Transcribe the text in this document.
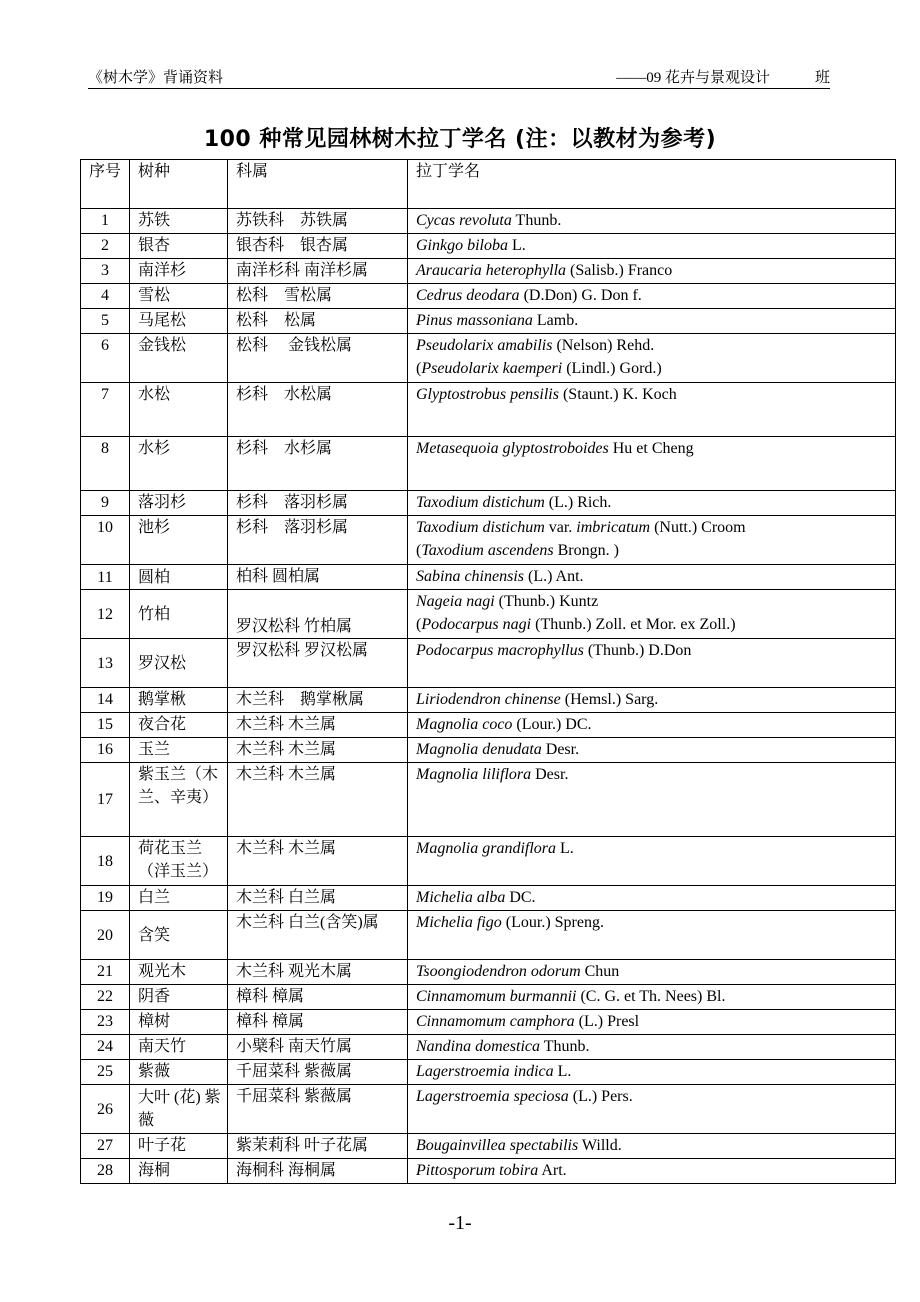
《树木学》背诵资料	——09 花卉与景观设计　　　班
100 种常见园林树木拉丁学名 (注：以教材为参考)
序号	树种	科属	拉丁学名
1	苏铁	苏铁科　苏铁属	Cycas revoluta Thunb.

2	银杏	银杏科　银杏属	Ginkgo biloba L.

3	南洋杉	南洋杉科 南洋杉属	Araucaria heterophylla (Salisb.) Franco

4	雪松	松科　雪松属	Cedrus deodara (D.Don) G. Don f.

5	马尾松	松科　松属	Pinus massoniana Lamb.

6	金钱松	松科　 金钱松属	Pseudolarix amabilis (Nelson) Rehd.
(Pseudolarix kaemperi (Lindl.) Gord.)

7	水松	杉科　水松属	Glyptostrobus pensilis (Staunt.) K. Koch

8	水杉	杉科　水杉属	Metasequoia glyptostroboides Hu et Cheng

9	落羽杉	杉科　落羽杉属	Taxodium distichum (L.) Rich.

10	池杉	杉科　落羽杉属	Taxodium distichum var. imbricatum (Nutt.) Croom
(Taxodium ascendens Brongn. )

11	圆柏	柏科 圆柏属	Sabina chinensis (L.) Ant.

12	竹柏	罗汉松科 竹柏属	Nageia nagi (Thunb.) Kuntz
(Podocarpus nagi (Thunb.) Zoll. et Mor. ex Zoll.)

13	罗汉松	罗汉松科 罗汉松属	Podocarpus macrophyllus (Thunb.) D.Don

14	鹅掌楸	木兰科　鹅掌楸属	Liriodendron chinense (Hemsl.) Sarg.

15	夜合花	木兰科 木兰属	Magnolia coco (Lour.) DC.

16	玉兰	木兰科 木兰属	Magnolia denudata Desr.

17	紫玉兰（木兰、辛夷）	木兰科 木兰属	Magnolia liliflora Desr.

18	荷花玉兰（洋玉兰）	木兰科 木兰属	Magnolia grandiflora L.

19	白兰	木兰科 白兰属	Michelia alba DC.

20	含笑	木兰科 白兰(含笑)属	Michelia figo (Lour.) Spreng.

21	观光木	木兰科 观光木属	Tsoongiodendron odorum Chun

22	阴香	樟科 樟属	Cinnamomum burmannii (C. G. et Th. Nees) Bl.

23	樟树	樟科 樟属	Cinnamomum camphora (L.) Presl

24	南天竹	小檗科 南天竹属	Nandina domestica Thunb.

25	紫薇	千屈菜科 紫薇属	Lagerstroemia indica L.

26	大叶 (花) 紫薇	千屈菜科 紫薇属	Lagerstroemia speciosa (L.) Pers.

27	叶子花	紫茉莉科 叶子花属	Bougainvillea spectabilis Willd.

28	海桐	海桐科 海桐属	Pittosporum tobira Art.
-1-
